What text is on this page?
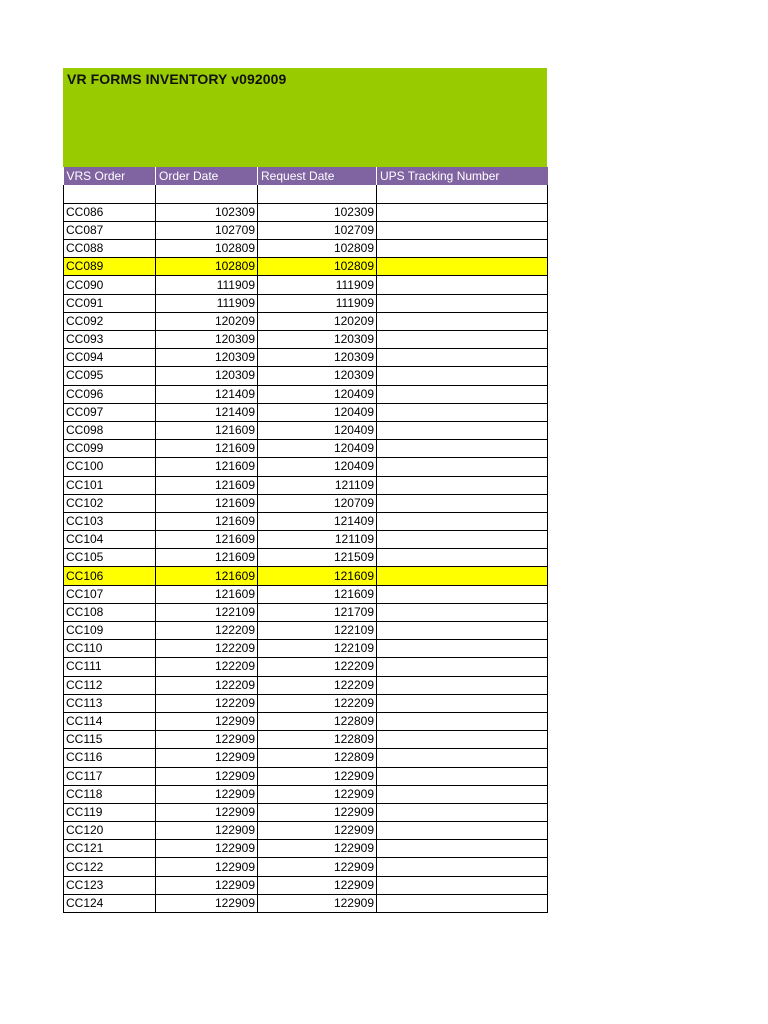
VR FORMS INVENTORY v092009
VRS Order	Order Date	Request Date	UPS Tracking Number

CC086	102309	102309	
CC087	102709	102709	
CC088	102809	102809	
CC089	102809	102809	
CC090	111909	111909	
CC091	111909	111909	
CC092	120209	120209	
CC093	120309	120309	
CC094	120309	120309	
CC095	120309	120309	
CC096	121409	120409	
CC097	121409	120409	
CC098	121609	120409	
CC099	121609	120409	
CC100	121609	120409	
CC101	121609	121109	
CC102	121609	120709	
CC103	121609	121409	
CC104	121609	121109	
CC105	121609	121509	
CC106	121609	121609	
CC107	121609	121609	
CC108	122109	121709	
CC109	122209	122109	
CC110	122209	122109	
CC111	122209	122209	
CC112	122209	122209	
CC113	122209	122209	
CC114	122909	122809	
CC115	122909	122809	
CC116	122909	122809	
CC117	122909	122909	
CC118	122909	122909	
CC119	122909	122909	
CC120	122909	122909	
CC121	122909	122909	
CC122	122909	122909	
CC123	122909	122909	
CC124	122909	122909	
